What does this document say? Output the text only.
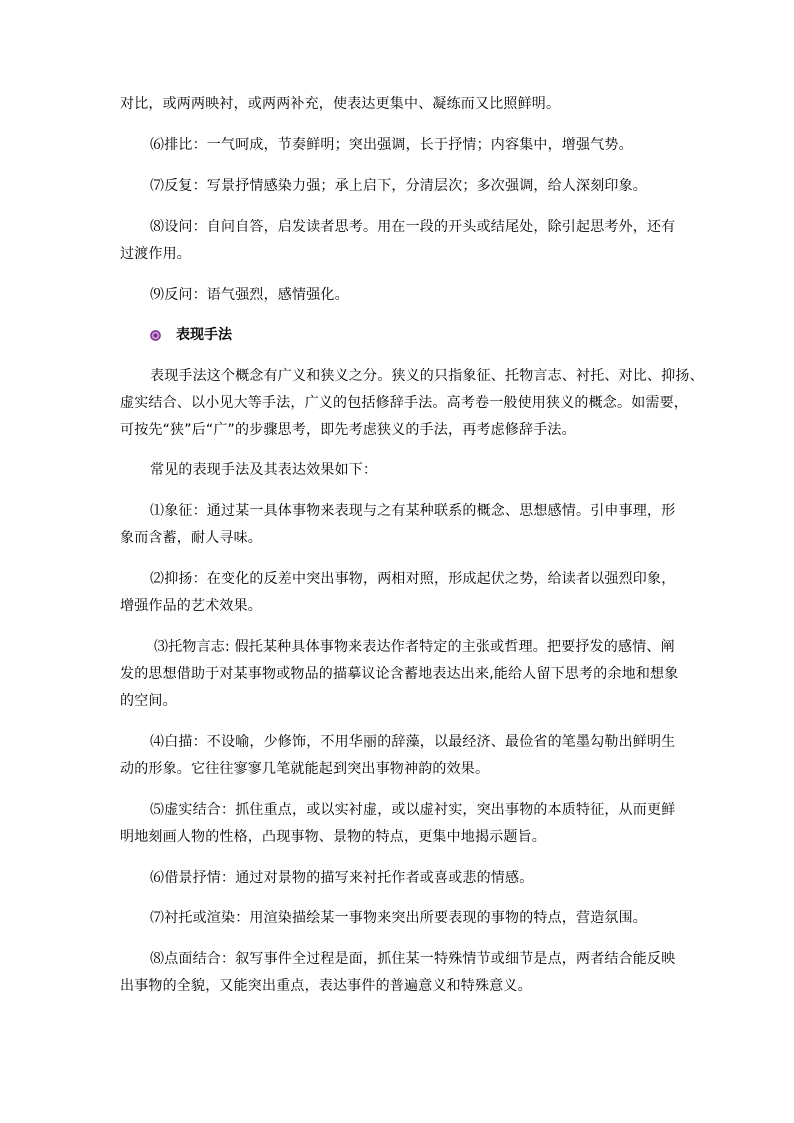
对比，或两两映衬，或两两补充，使表达更集中、凝练而又比照鲜明。

⑹排比：一气呵成，节奏鲜明；突出强调，长于抒情；内容集中，增强气势。

⑺反复：写景抒情感染力强；承上启下，分清层次；多次强调，给人深刻印象。

⑻设问：自问自答，启发读者思考。用在一段的开头或结尾处，除引起思考外，还有
过渡作用。

⑼反问：语气强烈，感情强化。

表现手法

表现手法这个概念有广义和狭义之分。狭义的只指象征、托物言志、衬托、对比、抑扬、
虚实结合、以小见大等手法，广义的包括修辞手法。高考卷一般使用狭义的概念。如需要，
可按先“狭”后“广”的步骤思考，即先考虑狭义的手法，再考虑修辞手法。

常见的表现手法及其表达效果如下：

⑴象征：通过某一具体事物来表现与之有某种联系的概念、思想感情。引申事理，形
象而含蓄，耐人寻味。

⑵抑扬：在变化的反差中突出事物，两相对照，形成起伏之势，给读者以强烈印象，
增强作品的艺术效果。

⑶托物言志: 假托某种具体事物来表达作者特定的主张或哲理。把要抒发的感情、阐
发的思想借助于对某事物或物品的描摹议论含蓄地表达出来,能给人留下思考的余地和想象
的空间。

⑷白描：不设喻，少修饰，不用华丽的辞藻，以最经济、最俭省的笔墨勾勒出鲜明生
动的形象。它往往寥寥几笔就能起到突出事物神韵的效果。

⑸虚实结合：抓住重点，或以实衬虚，或以虚衬实，突出事物的本质特征，从而更鲜
明地刻画人物的性格，凸现事物、景物的特点，更集中地揭示题旨。

⑹借景抒情：通过对景物的描写来衬托作者或喜或悲的情感。

⑺衬托或渲染：用渲染描绘某一事物来突出所要表现的事物的特点，营造氛围。

⑻点面结合：叙写事件全过程是面，抓住某一特殊情节或细节是点，两者结合能反映
出事物的全貌，又能突出重点，表达事件的普遍意义和特殊意义。
